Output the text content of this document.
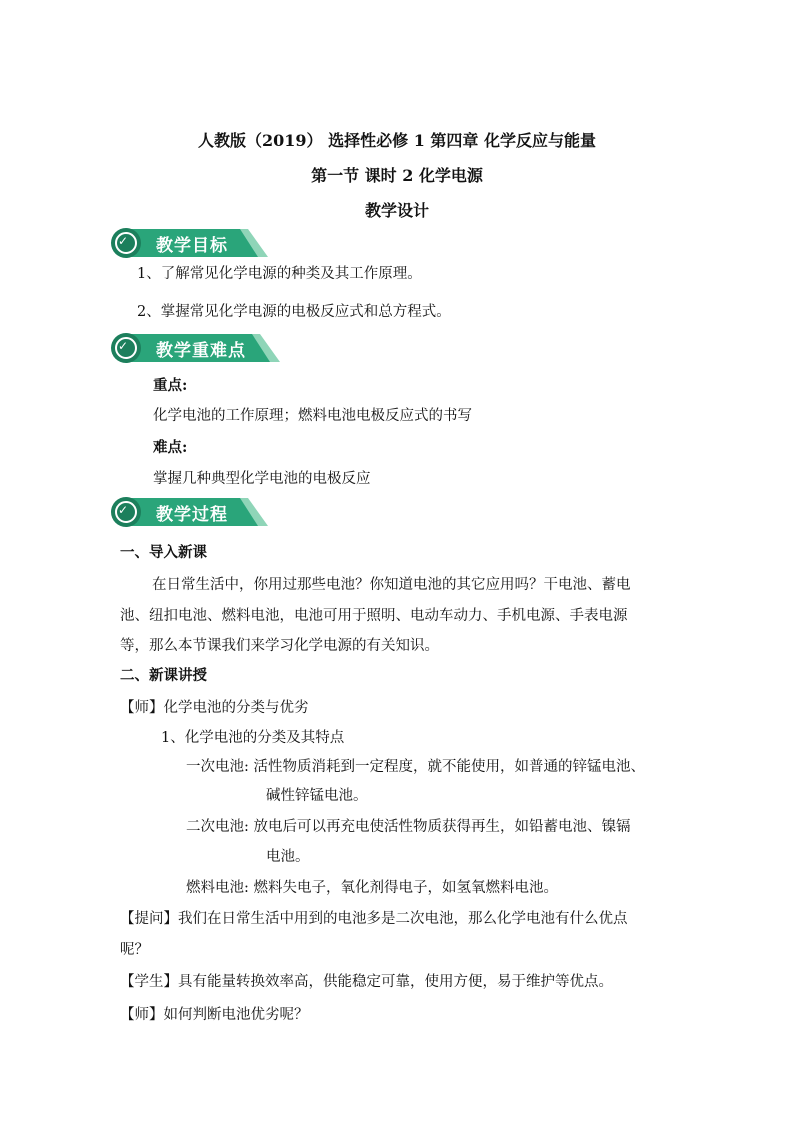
人教版（2019） 选择性必修 1 第四章 化学反应与能量
第一节 课时 2 化学电源
教学设计
✓ 教学目标
1、了解常见化学电源的种类及其工作原理。
2、掌握常见化学电源的电极反应式和总方程式。
✓ 教学重难点
重点:
化学电池的工作原理；燃料电池电极反应式的书写
难点:
掌握几种典型化学电池的电极反应
✓ 教学过程
一、导入新课
在日常生活中，你用过那些电池？你知道电池的其它应用吗？干电池、蓄电
池、纽扣电池、燃料电池，电池可用于照明、电动车动力、手机电源、手表电源
等，那么本节课我们来学习化学电源的有关知识。
二、新课讲授
【师】化学电池的分类与优劣
1、化学电池的分类及其特点
一次电池: 活性物质消耗到一定程度，就不能使用，如普通的锌锰电池、
碱性锌锰电池。
二次电池: 放电后可以再充电使活性物质获得再生，如铅蓄电池、镍镉
电池。
燃料电池: 燃料失电子，氧化剂得电子，如氢氧燃料电池。
【提问】我们在日常生活中用到的电池多是二次电池，那么化学电池有什么优点
呢？
【学生】具有能量转换效率高，供能稳定可靠，使用方便，易于维护等优点。
【师】如何判断电池优劣呢？
